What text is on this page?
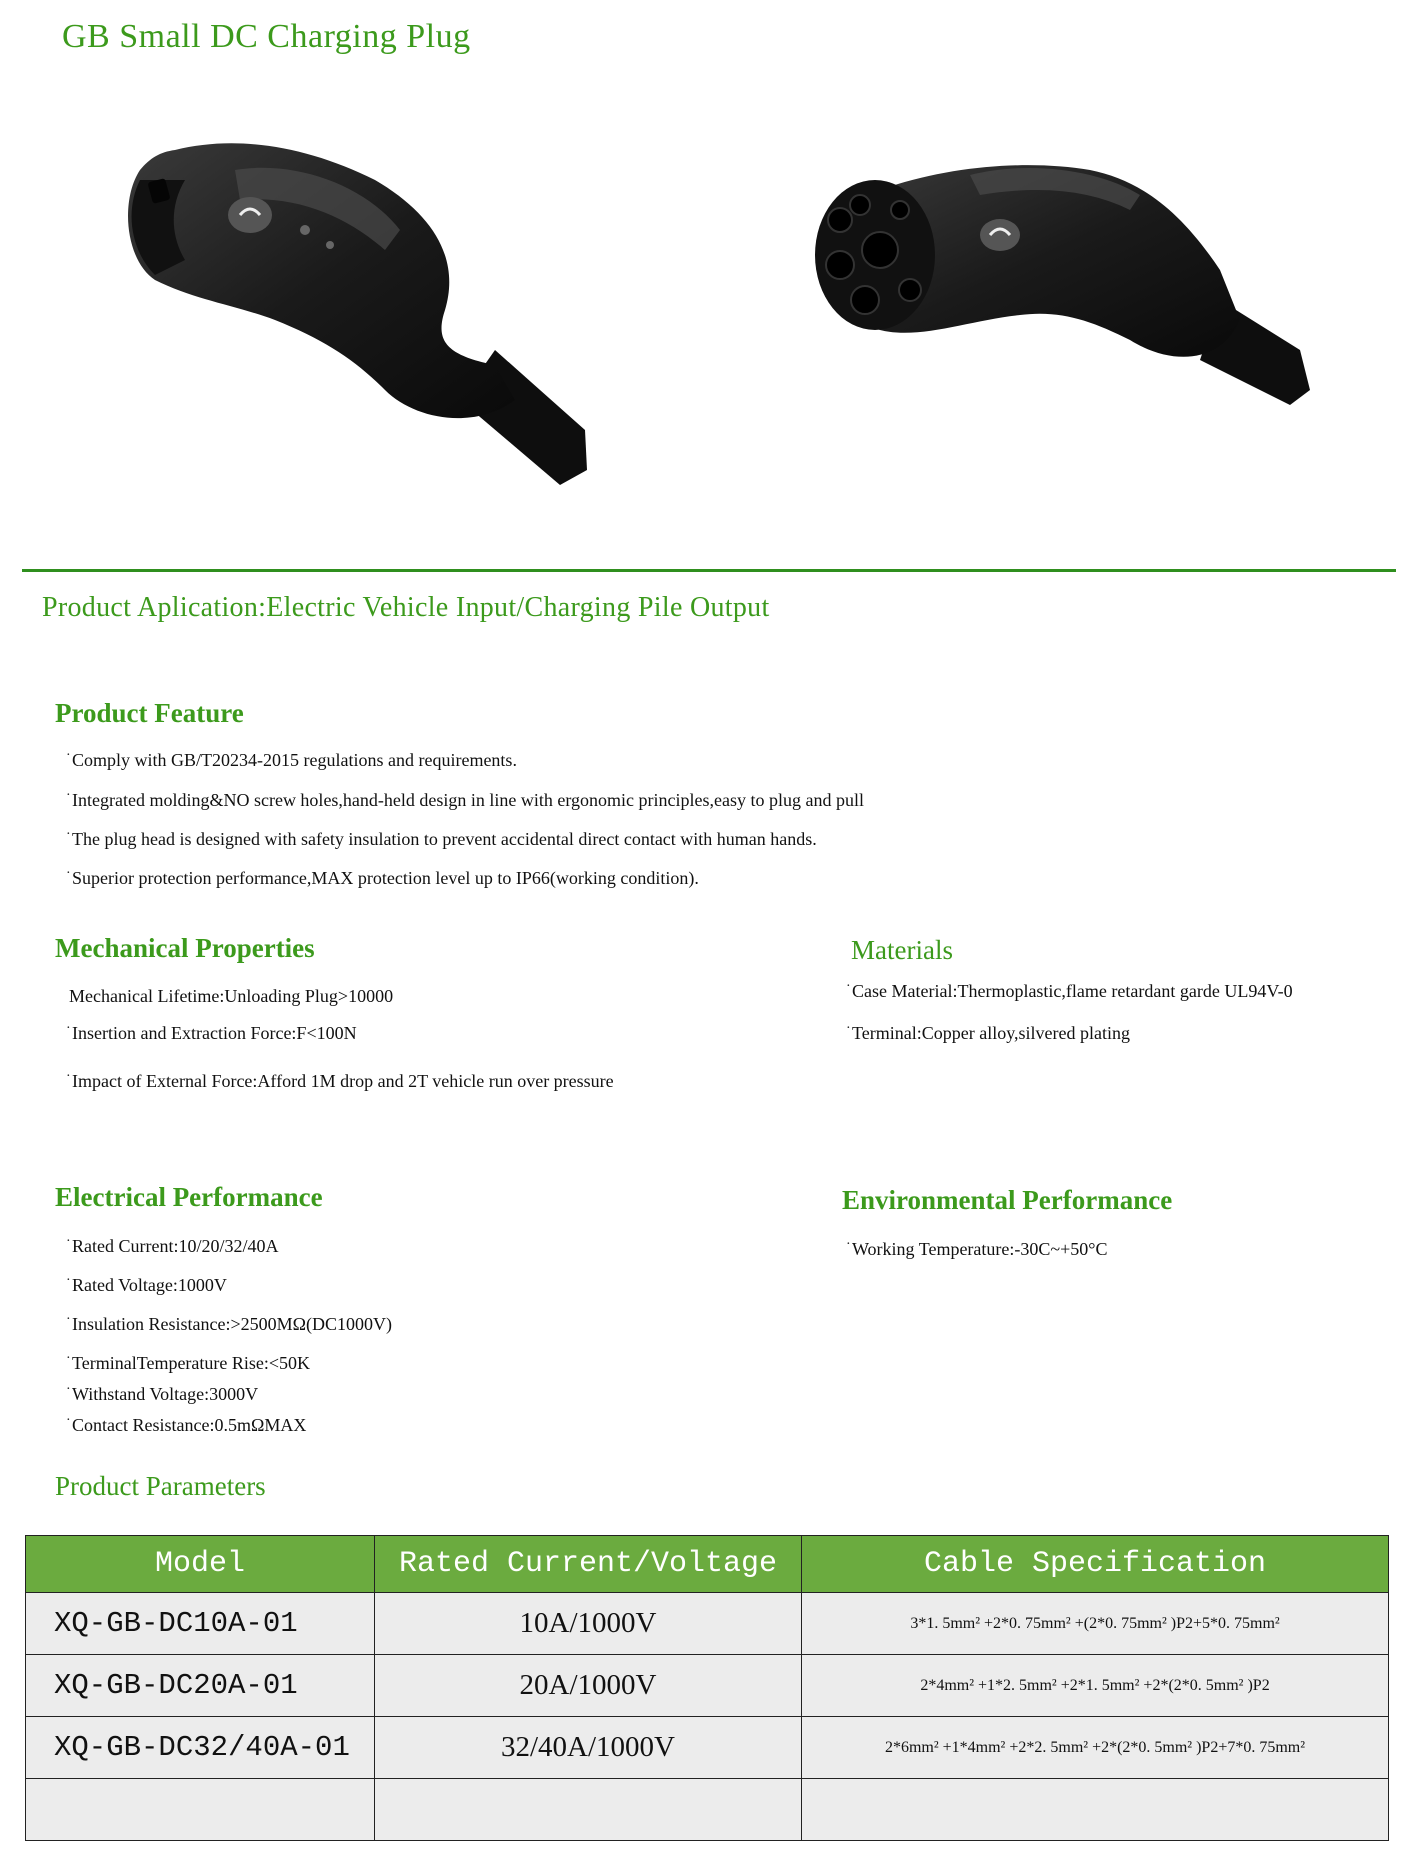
GB Small DC Charging Plug
Product Aplication:Electric Vehicle Input/Charging Pile Output
Product Feature
·Comply with GB/T20234-2015 regulations and requirements.
·Integrated molding&NO screw holes,hand-held design in line with ergonomic principles,easy to plug and pull
·The plug head is designed with safety insulation to prevent accidental direct contact with human hands.
·Superior protection performance,MAX protection level up to IP66(working condition).
Mechanical Properties
Mechanical Lifetime:Unloading Plug>10000
·Insertion and Extraction Force:F<100N
·Impact of External Force:Afford 1M drop and 2T vehicle run over pressure
Materials
·Case Material:Thermoplastic,flame retardant garde UL94V-0
·Terminal:Copper alloy,silvered plating
Electrical Performance
·Rated Current:10/20/32/40A
·Rated Voltage:1000V
·Insulation Resistance:>2500MΩ(DC1000V)
·TerminalTemperature Rise:<50K
·Withstand Voltage:3000V
·Contact Resistance:0.5mΩMAX
Environmental Performance
·Working Temperature:-30C~+50°C
Product Parameters
Model	Rated Current/Voltage	Cable Specification
XQ-GB-DC10A-01	10A/1000V	3*1. 5mm² +2*0. 75mm² +(2*0. 75mm² )P2+5*0. 75mm²
XQ-GB-DC20A-01	20A/1000V	2*4mm² +1*2. 5mm² +2*1. 5mm² +2*(2*0. 5mm² )P2
XQ-GB-DC32/40A-01	32/40A/1000V	2*6mm² +1*4mm² +2*2. 5mm² +2*(2*0. 5mm² )P2+7*0. 75mm²
